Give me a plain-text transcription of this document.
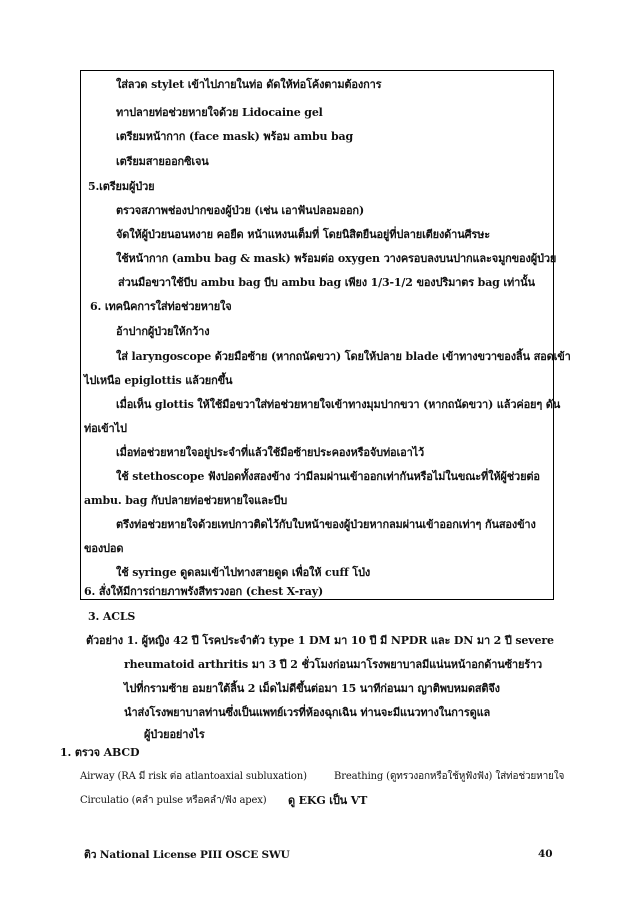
ใส่ลวด stylet เข้าไปภายในท่อ ดัดให้ท่อโค้งตามต้องการ
ทาปลายท่อช่วยหายใจด้วย Lidocaine gel
เตรียมหน้ากาก (face mask) พร้อม ambu bag
เตรียมสายออกซิเจน
5.เตรียมผู้ป่วย
ตรวจสภาพช่องปากของผู้ป่วย (เช่น เอาฟันปลอมออก)
จัดให้ผู้ป่วยนอนหงาย คอยืด หน้าแหงนเต็มที่ โดยนิสิตยืนอยู่ที่ปลายเตียงด้านศีรษะ
ใช้หน้ากาก (ambu bag & mask) พร้อมต่อ oxygen วางครอบลงบนปากและจมูกของผู้ป่วย
ส่วนมือขวาใช้บีบ ambu bag บีบ ambu bag เพียง 1/3-1/2 ของปริมาตร bag เท่านั้น
6. เทคนิคการใส่ท่อช่วยหายใจ
อ้าปากผู้ป่วยให้กว้าง
ใส่ laryngoscope ด้วยมือซ้าย (หากถนัดขวา) โดยให้ปลาย blade เข้าทางขวาของลิ้น สอดเข้า
ไปเหนือ epiglottis แล้วยกขึ้น
เมื่อเห็น glottis ให้ใช้มือขวาใส่ท่อช่วยหายใจเข้าทางมุมปากขวา (หากถนัดขวา) แล้วค่อยๆ ดัน
ท่อเข้าไป
เมื่อท่อช่วยหายใจอยู่ประจำที่แล้วใช้มือซ้ายประคองหรือจับท่อเอาไว้
ใช้ stethoscope ฟังปอดทั้งสองข้าง ว่ามีลมผ่านเข้าออกเท่ากันหรือไม่ในขณะที่ให้ผู้ช่วยต่อ
ambu. bag กับปลายท่อช่วยหายใจและบีบ
ตรึงท่อช่วยหายใจด้วยเทปกาวติดไว้กับใบหน้าของผู้ป่วยหากลมผ่านเข้าออกเท่าๆ กันสองข้าง
ของปอด
ใช้ syringe ดูดลมเข้าไปทางสายดูด เพื่อให้ cuff โป่ง
6. สั่งให้มีการถ่ายภาพรังสีทรวงอก (chest X-ray)
3. ACLS
ตัวอย่าง 1. ผู้หญิง 42 ปี โรคประจำตัว type 1 DM มา 10 ปี มี NPDR และ DN มา 2 ปี severe
rheumatoid arthritis มา 3 ปี 2 ชั่วโมงก่อนมาโรงพยาบาลมีแน่นหน้าอกด้านซ้ายร้าว
ไปที่กรามซ้าย อมยาใต้ลิ้น 2 เม็ดไม่ดีขึ้นต่อมา 15 นาทีก่อนมา ญาติพบหมดสติจึง
นำส่งโรงพยาบาลท่านซึ่งเป็นแพทย์เวรที่ห้องฉุกเฉิน ท่านจะมีแนวทางในการดูแล
ผู้ป่วยอย่างไร
1. ตรวจ ABCD
Airway (RA มี risk ต่อ atlantoaxial subluxation)	Breathing (ดูทรวงอกหรือใช้หูฟังฟัง) ใส่ท่อช่วยหายใจ
Circulatio (คลำ pulse หรือคลำ/ฟัง apex) ดู EKG เป็น VT
ติว National License PIII OSCE SWU	40
